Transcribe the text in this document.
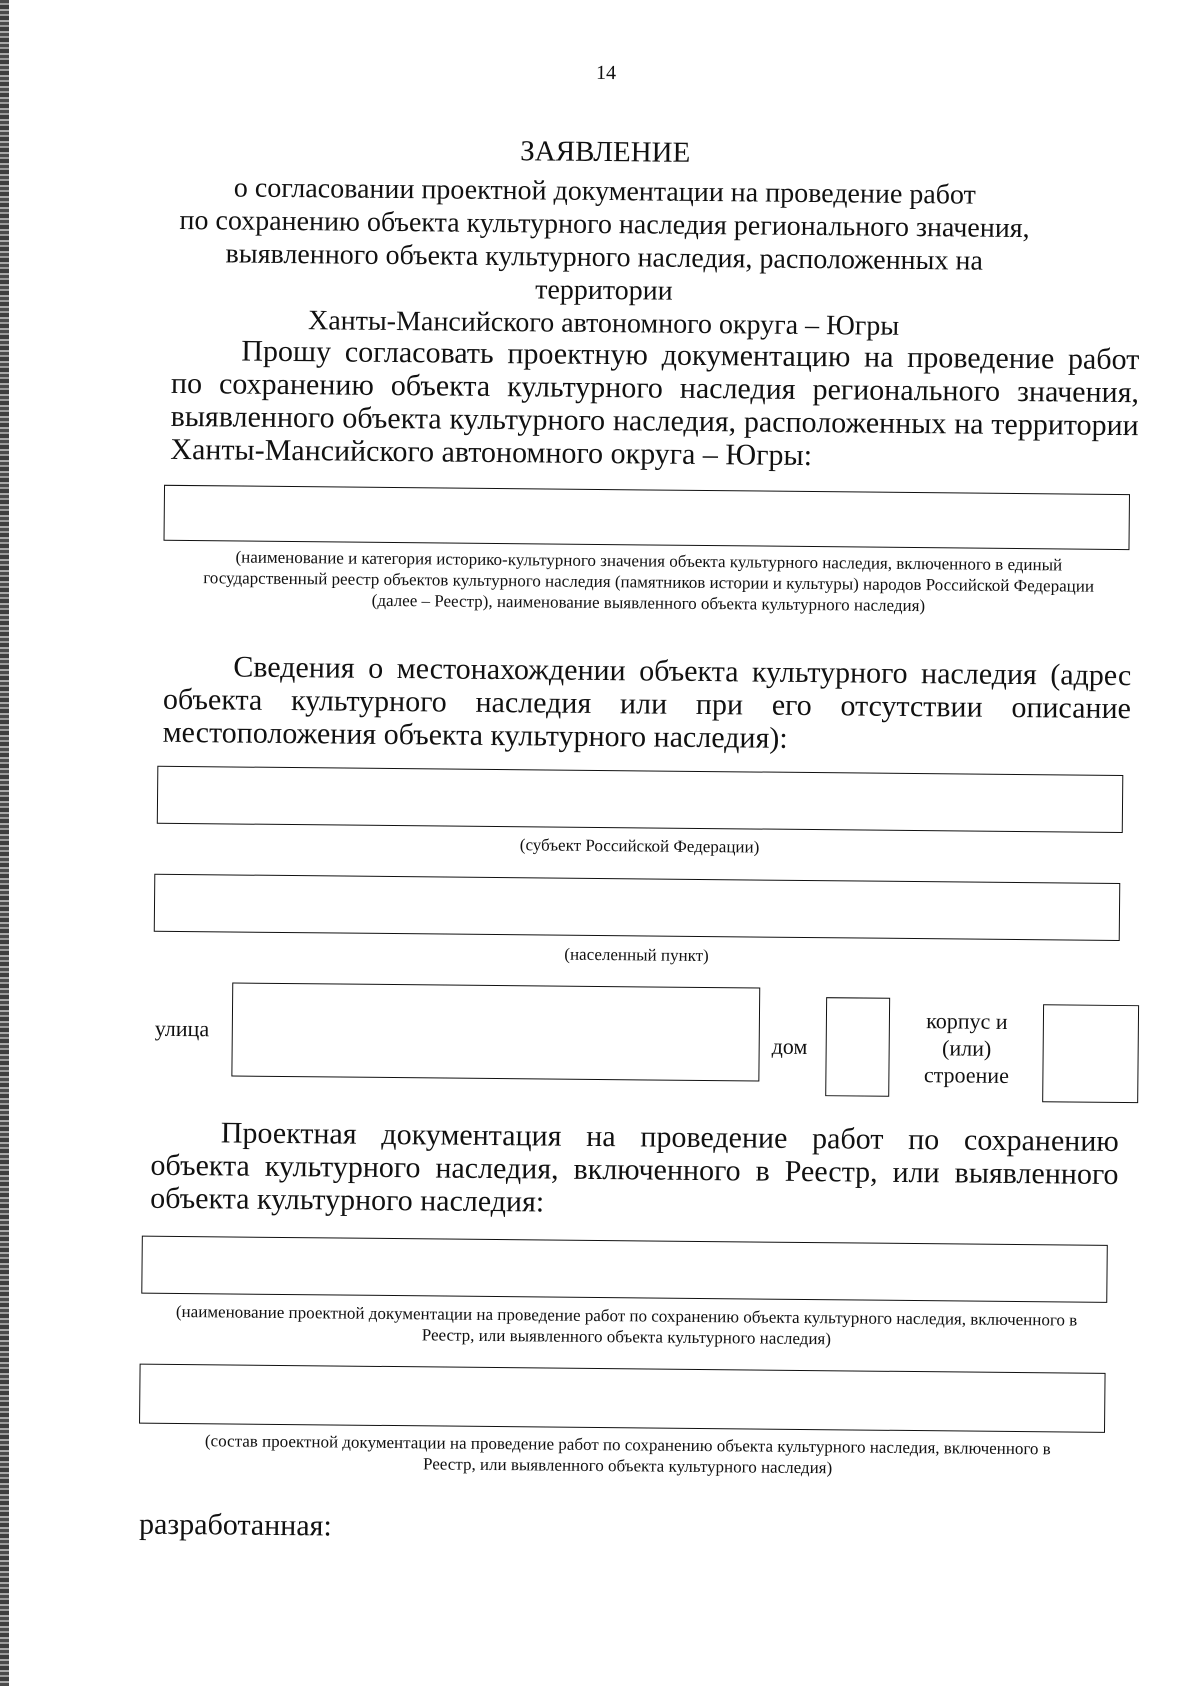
14
ЗАЯВЛЕНИЕ
о согласовании проектной документации на проведение работ
по сохранению объекта культурного наследия регионального значения,
выявленного объекта культурного наследия, расположенных на территории
Ханты-Мансийского автономного округа – Югры

Прошу согласовать проектную документацию на проведение работ по сохранению объекта культурного наследия регионального значения, выявленного объекта культурного наследия, расположенных на территории Ханты-Мансийского автономного округа – Югры:

(наименование и категория историко-культурного значения объекта культурного наследия, включенного в единый государственный реестр объектов культурного наследия (памятников истории и культуры) народов Российской Федерации (далее – Реестр), наименование выявленного объекта культурного наследия)

Сведения о местонахождении объекта культурного наследия (адрес объекта культурного наследия или при его отсутствии описание местоположения объекта культурного наследия):

(субъект Российской Федерации)
(населенный пункт)
улица
дом
корпус и
(или)
строение

Проектная документация на проведение работ по сохранению объекта культурного наследия, включенного в Реестр, или выявленного объекта культурного наследия:

(наименование проектной документации на проведение работ по сохранению объекта культурного наследия, включенного в Реестр, или выявленного объекта культурного наследия)
(состав проектной документации на проведение работ по сохранению объекта культурного наследия, включенного в Реестр, или выявленного объекта культурного наследия)
разработанная:
